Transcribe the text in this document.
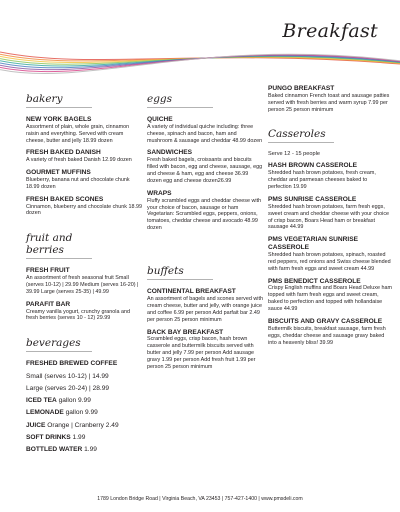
Breakfast
bakery
NEW YORK BAGELS
Assortment of plain, whole grain, cinnamon raisin and everything. Served with cream cheese, butter and jelly 18.99 dozen
FRESH BAKED DANISH
A variety of fresh baked Danish 12.99 dozen
GOURMET MUFFINS
Blueberry, banana nut and chocolate chunk 18.99 dozen
FRESH BAKED SCONES
Cinnamon, blueberry and chocolate chunk 18.99 dozen
fruit and berries
FRESH FRUIT
An assortment of fresh seasonal fruit Small (serves 10-12) | 29.99 Medium (serves 16-20) | 39.99 Large (serves 25-35) | 49.99
PARAFIT BAR
Creamy vanilla yogurt, crunchy granola and fresh berries (serves 10 - 12) 29.99
beverages
FRESHED BREWED COFFEE
Small (serves 10-12) | 14.99
Large (serves 20-24) | 28.99
ICED TEA gallon 9.99
LEMONADE gallon 9.99
JUICE Orange | Cranberry 2.49
SOFT DRINKS 1.99
BOTTLED WATER 1.99
eggs
QUICHE
A variety of individual quiche including: three cheese, spinach and bacon, ham and mushroom & sausage and cheddar 48.99 dozen
SANDWICHES
Fresh baked bagels, croissants and biscuits filled with bacon, egg and cheese, sausage, egg and cheese & ham, egg and cheese 36.99 dozen egg and cheese dozen26.99
WRAPS
Fluffy scrambled eggs and cheddar cheese with your choice of bacon, sausage or ham Vegetarian: Scrambled eggs, peppers, onions, tomatoes, cheddar cheese and avocado 48.99 dozen
buffets
CONTINENTAL BREAKFAST
An assortment of bagels and scones served with cream cheese, butter and jelly, with orange juice and coffee 6.99 per person Add parfait bar 2.49 per person 25 person minimum
BACK BAY BREAKFAST
Scrambled eggs, crisp bacon, hash brown casserole and buttermilk biscuits served with butter and jelly 7.99 per person Add sausage gravy 1.99 per person Add fresh fruit 1.99 per person 25 person minimum
PUNGO BREAKFAST
Baked cinnamon French toast and sausage patties served with fresh berries and warm syrup 7.99 per person 25 person minimum
Casseroles
Serve 12 - 15 people
HASH BROWN CASSEROLE
Shredded hash brown potatoes, fresh cream, cheddar and parmesan cheeses baked to perfection 19.99
PMS SUNRISE CASSEROLE
Shredded hash brown potatoes, farm fresh eggs, sweet cream and cheddar cheese with your choice of crisp bacon, Boars Head ham or breakfast sausage 44.99
PMS VEGETARIAN SUNRISE CASSEROLE
Shredded hash brown potatoes, spinach, roasted red peppers, red onions and Swiss cheese blended with farm fresh eggs and sweet cream 44.99
PMS BENEDICT CASSEROLE
Crispy English muffins and Boars Head Deluxe ham topped with farm fresh eggs and sweet cream, baked to perfection and topped with hollandaise sauce 44.99
BISCUITS AND GRAVY CASSEROLE
Buttermilk biscuits, breakfast sausage, farm fresh eggs, cheddar cheese and sausage gravy baked into a heavenly bliss! 39.99
1789 London Bridge Road | Virginia Beach, VA 23453 | 757-427-1400 | www.pmsdeli.com
